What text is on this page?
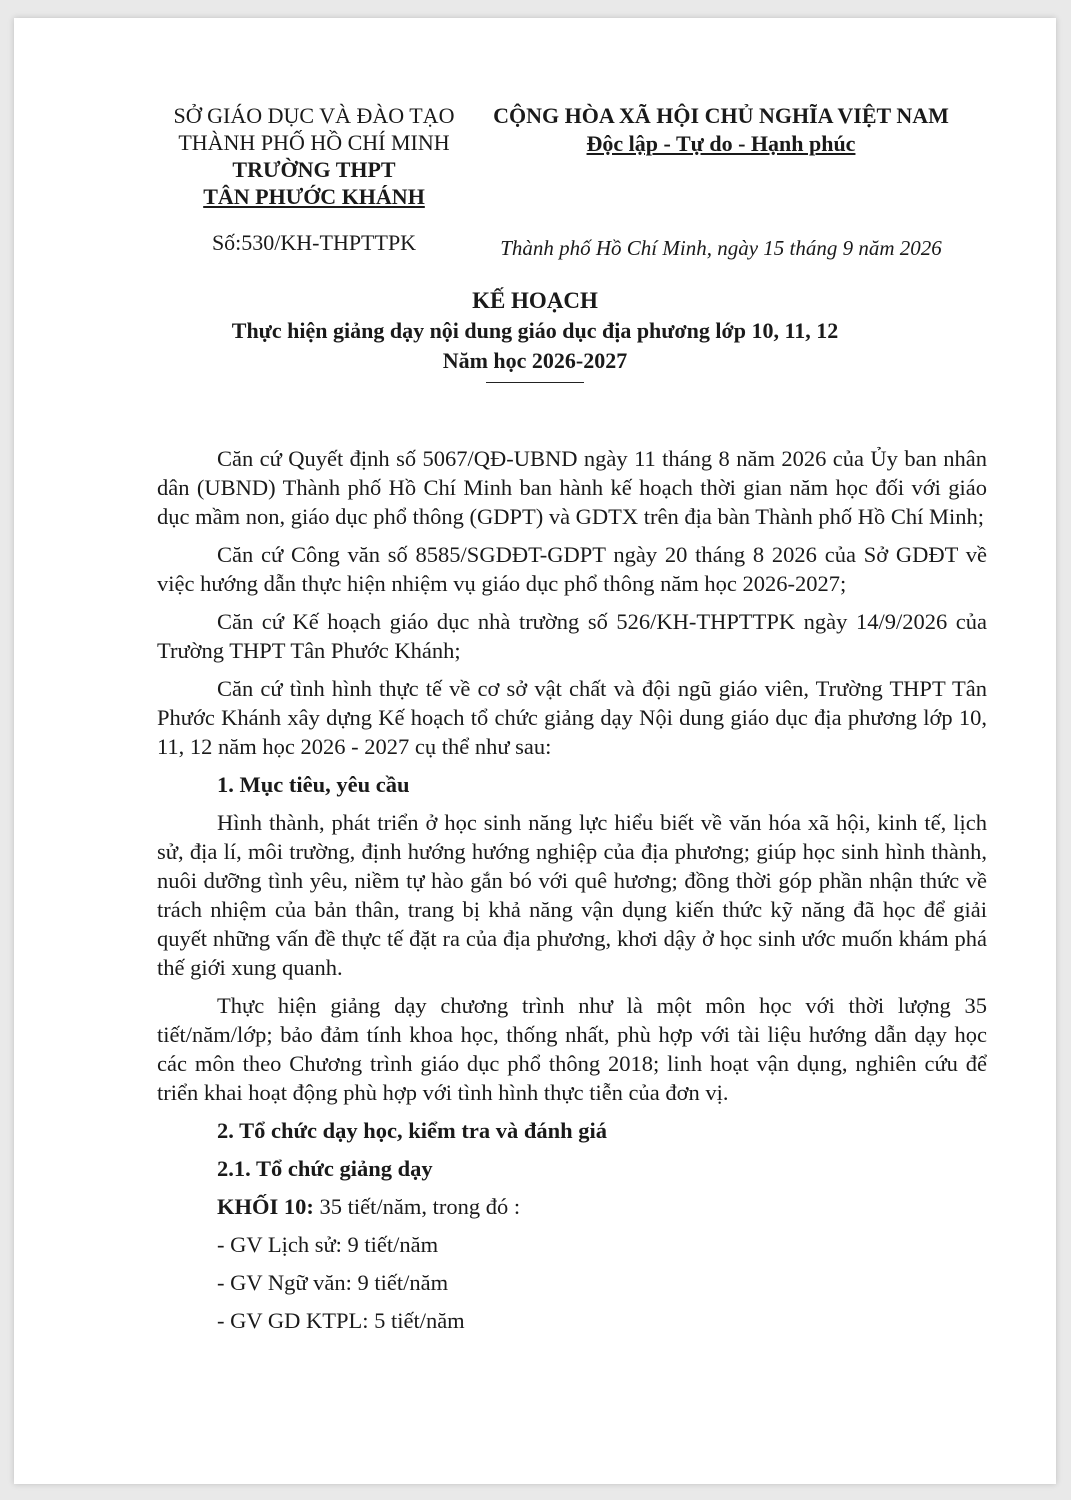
SỞ GIÁO DỤC VÀ ĐÀO TẠO
THÀNH PHỐ HỒ CHÍ MINH
TRƯỜNG THPT
TÂN PHƯỚC KHÁNH
Số:530/KH-THPTTPK
CỘNG HÒA XÃ HỘI CHỦ NGHĨA VIỆT NAM
Độc lập - Tự do - Hạnh phúc
Thành phố Hồ Chí Minh, ngày 15 tháng 9 năm 2026
KẾ HOẠCH
Thực hiện giảng dạy nội dung giáo dục địa phương lớp 10, 11, 12
Năm học 2026-2027

Căn cứ Quyết định số 5067/QĐ-UBND ngày 11 tháng 8 năm 2026 của Ủy ban nhân dân (UBND) Thành phố Hồ Chí Minh ban hành kế hoạch thời gian năm học đối với giáo dục mầm non, giáo dục phổ thông (GDPT) và GDTX trên địa bàn Thành phố Hồ Chí Minh;

Căn cứ Công văn số 8585/SGDĐT-GDPT ngày 20 tháng 8 2026 của Sở GDĐT về việc hướng dẫn thực hiện nhiệm vụ giáo dục phổ thông năm học 2026-2027;

Căn cứ Kế hoạch giáo dục nhà trường số 526/KH-THPTTPK ngày 14/9/2026 của Trường THPT Tân Phước Khánh;

Căn cứ tình hình thực tế về cơ sở vật chất và đội ngũ giáo viên, Trường THPT Tân Phước Khánh xây dựng Kế hoạch tổ chức giảng dạy Nội dung giáo dục địa phương lớp 10, 11, 12 năm học 2026 - 2027 cụ thể như sau:

1. Mục tiêu, yêu cầu

Hình thành, phát triển ở học sinh năng lực hiểu biết về văn hóa xã hội, kinh tế, lịch sử, địa lí, môi trường, định hướng hướng nghiệp của địa phương; giúp học sinh hình thành, nuôi dưỡng tình yêu, niềm tự hào gắn bó với quê hương; đồng thời góp phần nhận thức về trách nhiệm của bản thân, trang bị khả năng vận dụng kiến thức kỹ năng đã học để giải quyết những vấn đề thực tế đặt ra của địa phương, khơi dậy ở học sinh ước muốn khám phá thế giới xung quanh.

Thực hiện giảng dạy chương trình như là một môn học với thời lượng 35 tiết/năm/lớp; bảo đảm tính khoa học, thống nhất, phù hợp với tài liệu hướng dẫn dạy học các môn theo Chương trình giáo dục phổ thông 2018; linh hoạt vận dụng, nghiên cứu để triển khai hoạt động phù hợp với tình hình thực tiễn của đơn vị.

2. Tổ chức dạy học, kiểm tra và đánh giá
2.1. Tổ chức giảng dạy

KHỐI 10: 35 tiết/năm, trong đó :

- GV Lịch sử: 9 tiết/năm
- GV Ngữ văn: 9 tiết/năm
- GV GD KTPL: 5 tiết/năm
